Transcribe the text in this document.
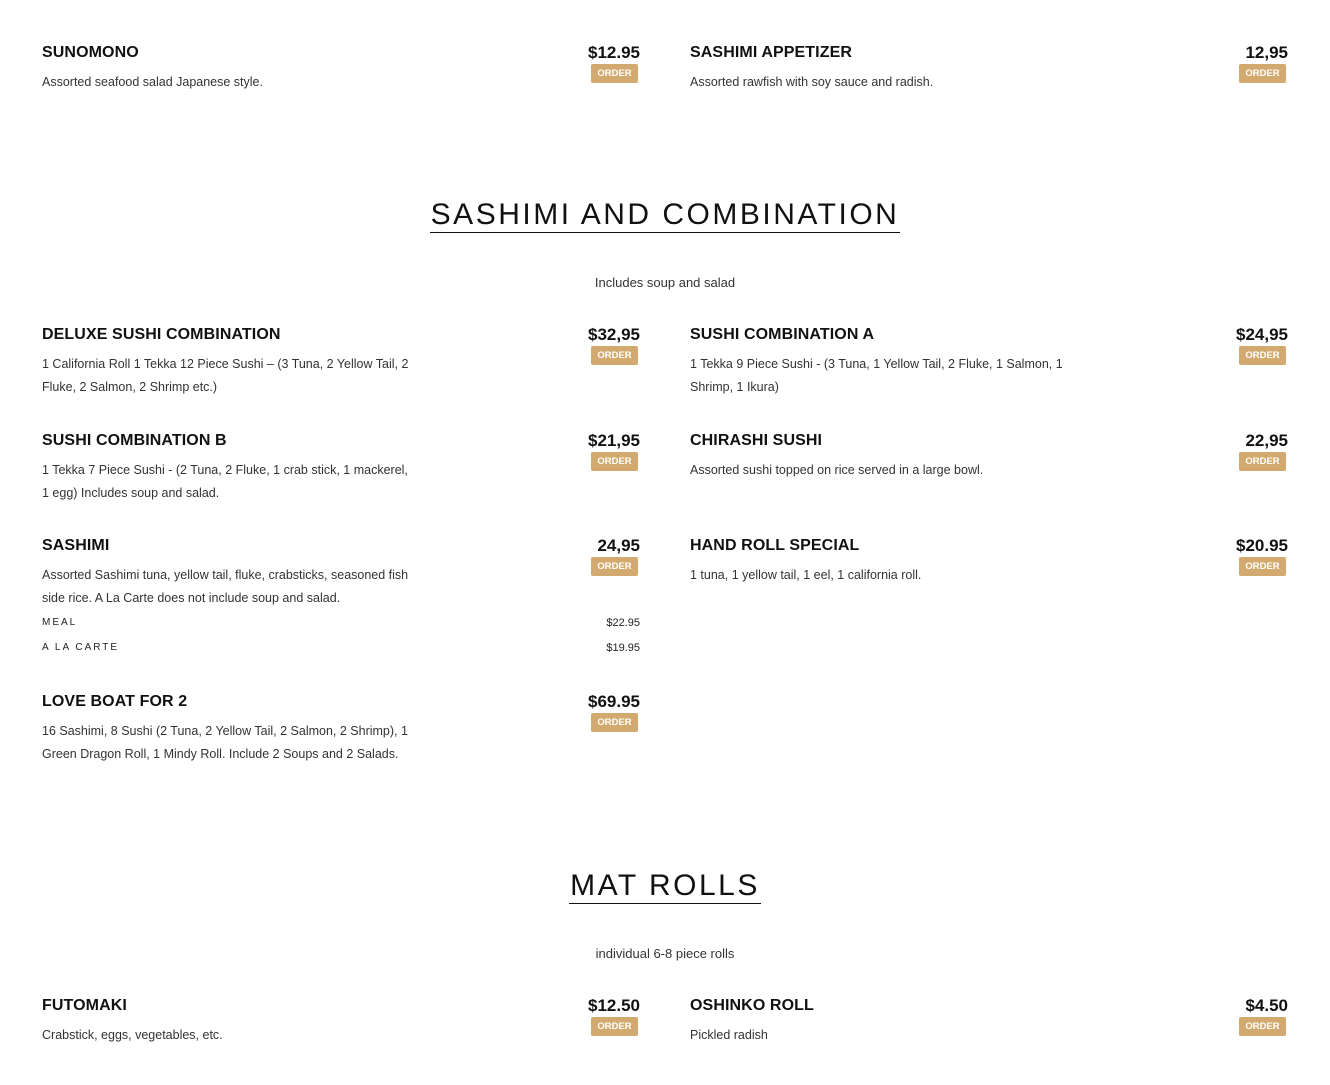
SUNOMONO	$12.95
Assorted seafood salad Japanese style.
ORDER
SASHIMI APPETIZER	12,95
Assorted rawfish with soy sauce and radish.
ORDER
SASHIMI AND COMBINATION
Includes soup and salad
DELUXE SUSHI COMBINATION	$32,95
1 California Roll 1 Tekka 12 Piece Sushi – (3 Tuna, 2 Yellow Tail, 2 Fluke, 2 Salmon, 2 Shrimp etc.)
ORDER
SUSHI COMBINATION A	$24,95
1 Tekka 9 Piece Sushi - (3 Tuna, 1 Yellow Tail, 2 Fluke, 1 Salmon, 1 Shrimp, 1 Ikura)
ORDER
SUSHI COMBINATION B	$21,95
1 Tekka 7 Piece Sushi - (2 Tuna, 2 Fluke, 1 crab stick, 1 mackerel, 1 egg) Includes soup and salad.
ORDER
CHIRASHI SUSHI	22,95
Assorted sushi topped on rice served in a large bowl.
ORDER
SASHIMI	24,95
Assorted Sashimi tuna, yellow tail, fluke, crabsticks, seasoned fish side rice. A La Carte does not include soup and salad.
ORDER
MEAL	$22.95
A LA CARTE	$19.95
HAND ROLL SPECIAL	$20.95
1 tuna, 1 yellow tail, 1 eel, 1 california roll.
ORDER
LOVE BOAT FOR 2	$69.95
16 Sashimi, 8 Sushi (2 Tuna, 2 Yellow Tail, 2 Salmon, 2 Shrimp), 1 Green Dragon Roll, 1 Mindy Roll. Include 2 Soups and 2 Salads.
ORDER
MAT ROLLS
individual 6-8 piece rolls
FUTOMAKI	$12.50
Crabstick, eggs, vegetables, etc.
ORDER
OSHINKO ROLL	$4.50
Pickled radish
ORDER
